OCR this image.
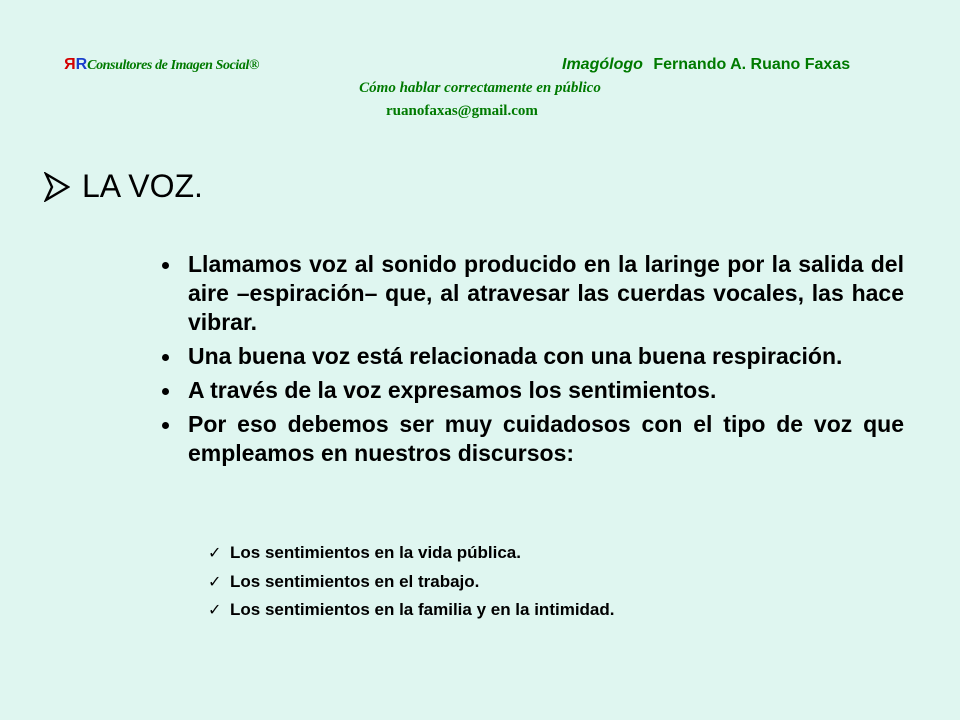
RRConsultores de Imagen Social®	Imagólogo Fernando A. Ruano Faxas
Cómo hablar correctamente en público
ruanofaxas@gmail.com
LA VOZ.
Llamamos voz al sonido producido en la laringe por la salida del aire –espiración– que, al atravesar las cuerdas vocales, las hace vibrar.
Una buena voz está relacionada con una buena respiración.
A través de la voz expresamos los sentimientos.
Por eso debemos ser muy cuidadosos con el tipo de voz que empleamos en nuestros discursos:
✓ Los sentimientos en la vida pública.
✓ Los sentimientos en el trabajo.
✓ Los sentimientos en la familia y en la intimidad.
